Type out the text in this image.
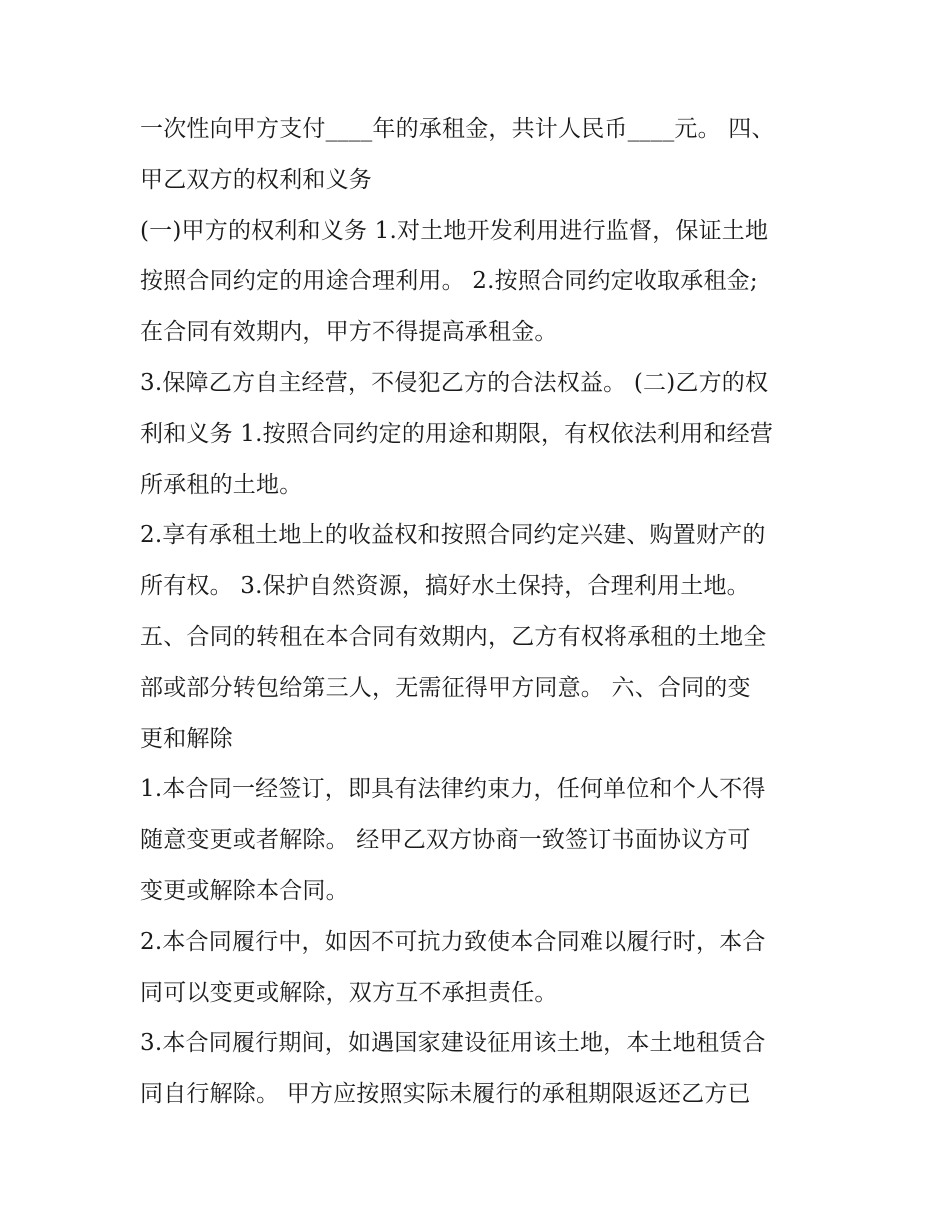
一次性向甲方支付____年的承租金，共计人民币____元。 四、
甲乙双方的权利和义务
(一)甲方的权利和义务 1.对土地开发利用进行监督，保证土地
按照合同约定的用途合理利用。 2.按照合同约定收取承租金;
在合同有效期内，甲方不得提高承租金。
3.保障乙方自主经营，不侵犯乙方的合法权益。 (二)乙方的权
利和义务 1.按照合同约定的用途和期限，有权依法利用和经营
所承租的土地。
2.享有承租土地上的收益权和按照合同约定兴建、购置财产的
所有权。 3.保护自然资源，搞好水土保持，合理利用土地。
五、合同的转租在本合同有效期内，乙方有权将承租的土地全
部或部分转包给第三人，无需征得甲方同意。 六、合同的变
更和解除
1.本合同一经签订，即具有法律约束力，任何单位和个人不得
随意变更或者解除。 经甲乙双方协商一致签订书面协议方可
变更或解除本合同。
2.本合同履行中，如因不可抗力致使本合同难以履行时，本合
同可以变更或解除，双方互不承担责任。
3.本合同履行期间，如遇国家建设征用该土地，本土地租赁合
同自行解除。 甲方应按照实际未履行的承租期限返还乙方已
